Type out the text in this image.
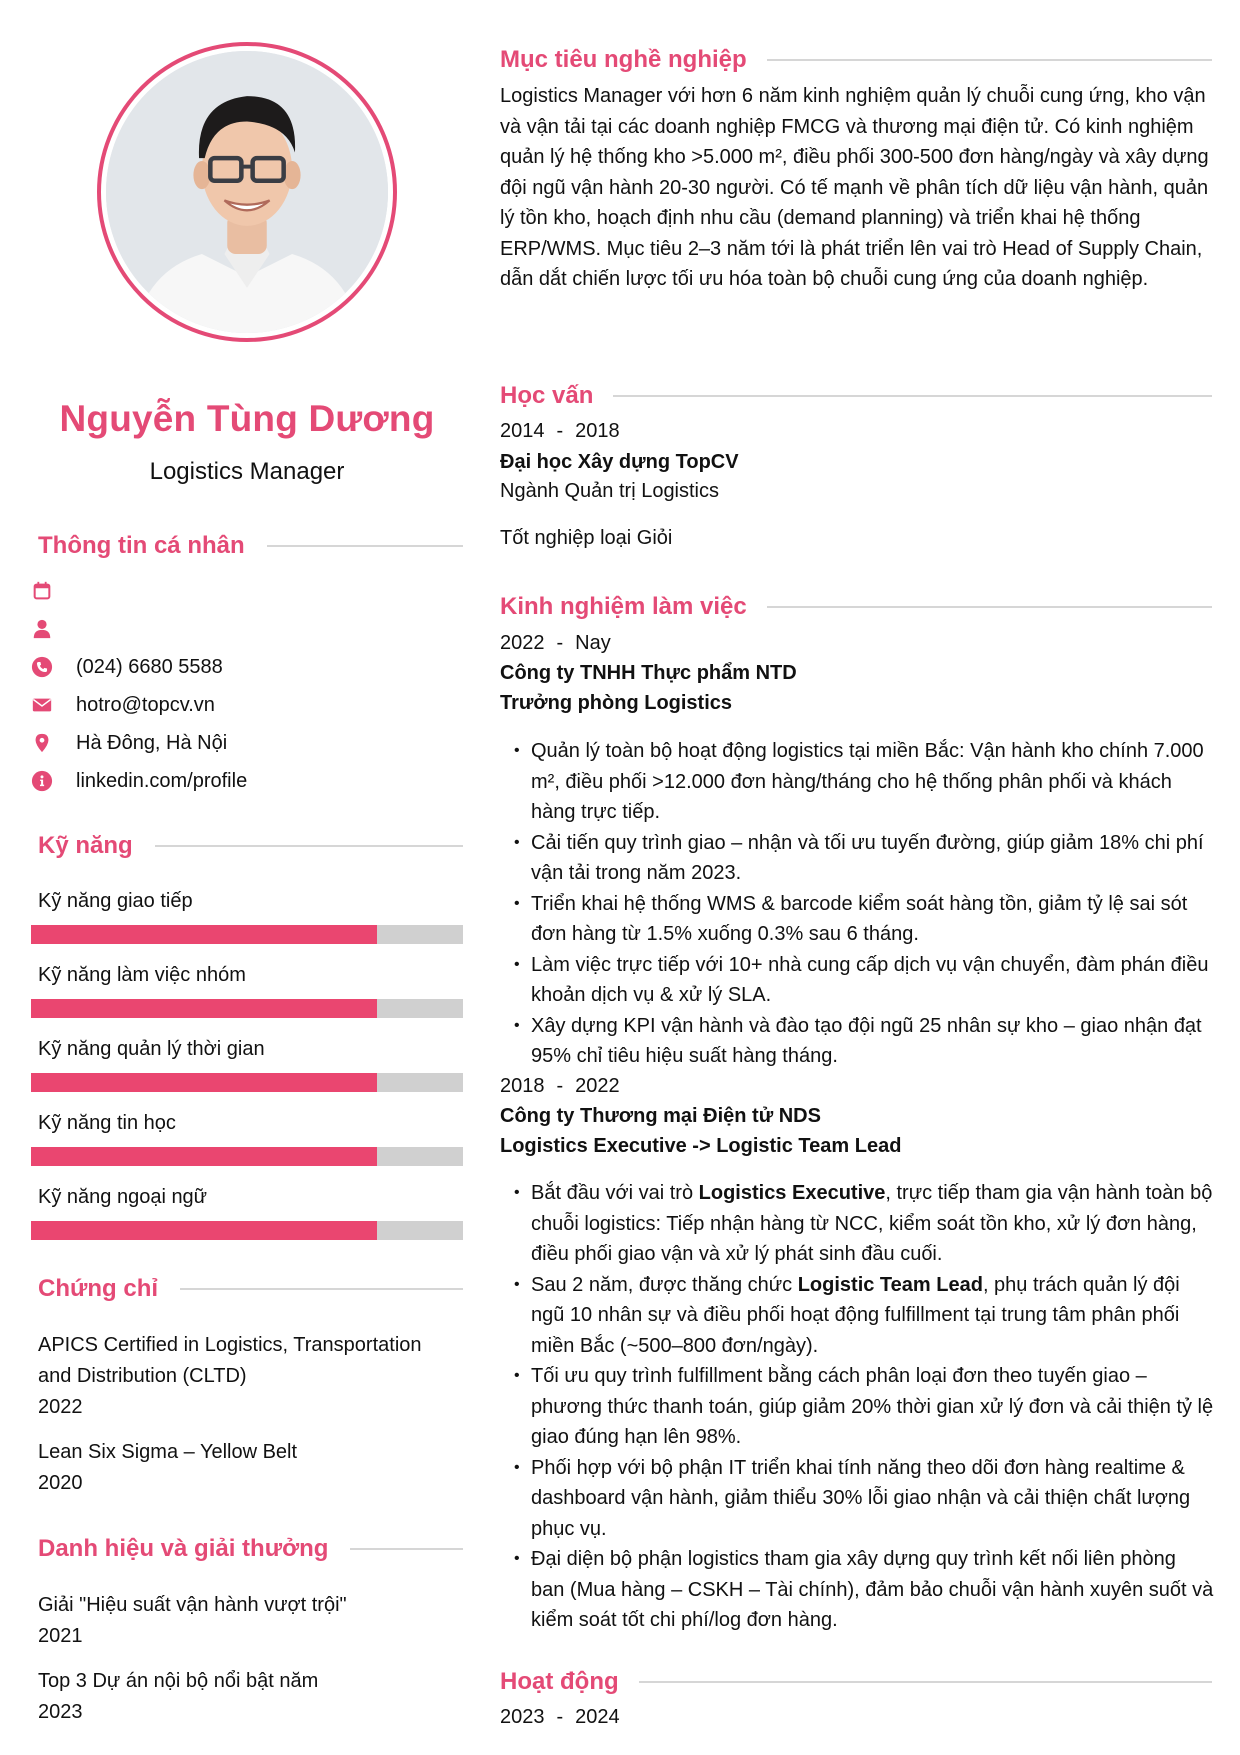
Nguyễn Tùng Dương
Logistics Manager
Thông tin cá nhân
(024) 6680 5588
hotro@topcv.vn
Hà Đông, Hà Nội
linkedin.com/profile
Kỹ năng
Kỹ năng giao tiếp
Kỹ năng làm việc nhóm
Kỹ năng quản lý thời gian
Kỹ năng tin học
Kỹ năng ngoại ngữ
Chứng chỉ
APICS Certified in Logistics, Transportation and Distribution (CLTD)
2022
Lean Six Sigma – Yellow Belt
2020
Danh hiệu và giải thưởng
Giải "Hiệu suất vận hành vượt trội"
2021
Top 3 Dự án nội bộ nổi bật năm
2023
Mục tiêu nghề nghiệp
Logistics Manager với hơn 6 năm kinh nghiệm quản lý chuỗi cung ứng, kho vận và vận tải tại các doanh nghiệp FMCG và thương mại điện tử. Có kinh nghiệm quản lý hệ thống kho >5.000 m², điều phối 300-500 đơn hàng/ngày và xây dựng đội ngũ vận hành 20-30 người. Có tế mạnh về phân tích dữ liệu vận hành, quản lý tồn kho, hoạch định nhu cầu (demand planning) và triển khai hệ thống ERP/WMS. Mục tiêu 2–3 năm tới là phát triển lên vai trò Head of Supply Chain, dẫn dắt chiến lược tối ưu hóa toàn bộ chuỗi cung ứng của doanh nghiệp.
Học vấn
2014 - 2018
Đại học Xây dựng TopCV
Ngành Quản trị Logistics
Tốt nghiệp loại Giỏi
Kinh nghiệm làm việc
2022 - Nay
Công ty TNHH Thực phẩm NTD
Trưởng phòng Logistics
• Quản lý toàn bộ hoạt động logistics tại miền Bắc: Vận hành kho chính 7.000 m², điều phối >12.000 đơn hàng/tháng cho hệ thống phân phối và khách hàng trực tiếp.
• Cải tiến quy trình giao – nhận và tối ưu tuyến đường, giúp giảm 18% chi phí vận tải trong năm 2023.
• Triển khai hệ thống WMS & barcode kiểm soát hàng tồn, giảm tỷ lệ sai sót đơn hàng từ 1.5% xuống 0.3% sau 6 tháng.
• Làm việc trực tiếp với 10+ nhà cung cấp dịch vụ vận chuyển, đàm phán điều khoản dịch vụ & xử lý SLA.
• Xây dựng KPI vận hành và đào tạo đội ngũ 25 nhân sự kho – giao nhận đạt 95% chỉ tiêu hiệu suất hàng tháng.
2018 - 2022
Công ty Thương mại Điện tử NDS
Logistics Executive -> Logistic Team Lead
• Bắt đầu với vai trò Logistics Executive, trực tiếp tham gia vận hành toàn bộ chuỗi logistics: Tiếp nhận hàng từ NCC, kiểm soát tồn kho, xử lý đơn hàng, điều phối giao vận và xử lý phát sinh đầu cuối.
• Sau 2 năm, được thăng chức Logistic Team Lead, phụ trách quản lý đội ngũ 10 nhân sự và điều phối hoạt động fulfillment tại trung tâm phân phối miền Bắc (~500–800 đơn/ngày).
• Tối ưu quy trình fulfillment bằng cách phân loại đơn theo tuyến giao – phương thức thanh toán, giúp giảm 20% thời gian xử lý đơn và cải thiện tỷ lệ giao đúng hạn lên 98%.
• Phối hợp với bộ phận IT triển khai tính năng theo dõi đơn hàng realtime & dashboard vận hành, giảm thiểu 30% lỗi giao nhận và cải thiện chất lượng phục vụ.
• Đại diện bộ phận logistics tham gia xây dựng quy trình kết nối liên phòng ban (Mua hàng – CSKH – Tài chính), đảm bảo chuỗi vận hành xuyên suốt và kiểm soát tốt chi phí/log đơn hàng.
Hoạt động
2023 - 2024
